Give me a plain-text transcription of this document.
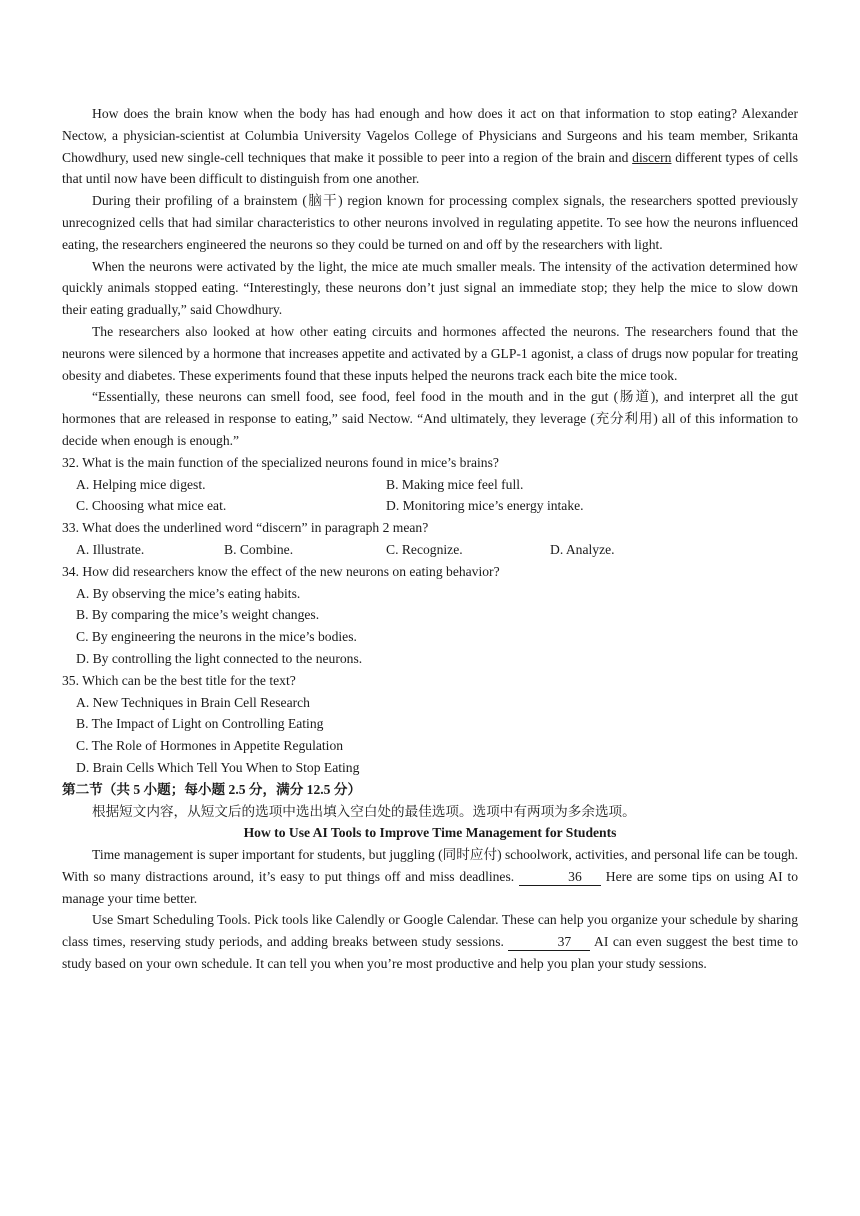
How does the brain know when the body has had enough and how does it act on that information to stop eating? Alexander Nectow, a physician-scientist at Columbia University Vagelos College of Physicians and Surgeons and his team member, Srikanta Chowdhury, used new single-cell techniques that make it possible to peer into a region of the brain and discern different types of cells that until now have been difficult to distinguish from one another.

During their profiling of a brainstem (脑干) region known for processing complex signals, the researchers spotted previously unrecognized cells that had similar characteristics to other neurons involved in regulating appetite. To see how the neurons influenced eating, the researchers engineered the neurons so they could be turned on and off by the researchers with light.

When the neurons were activated by the light, the mice ate much smaller meals. The intensity of the activation determined how quickly animals stopped eating. “Interestingly, these neurons don’t just signal an immediate stop; they help the mice to slow down their eating gradually,” said Chowdhury.

The researchers also looked at how other eating circuits and hormones affected the neurons. The researchers found that the neurons were silenced by a hormone that increases appetite and activated by a GLP-1 agonist, a class of drugs now popular for treating obesity and diabetes. These experiments found that these inputs helped the neurons track each bite the mice took.

“Essentially, these neurons can smell food, see food, feel food in the mouth and in the gut (肠道), and interpret all the gut hormones that are released in response to eating,” said Nectow. “And ultimately, they leverage (充分利用) all of this information to decide when enough is enough.”

32. What is the main function of the specialized neurons found in mice’s brains?

A. Helping mice digest.	B. Making mice feel full.
C. Choosing what mice eat.	D. Monitoring mice’s energy intake.

33. What does the underlined word “discern” in paragraph 2 mean?

A. Illustrate.	B. Combine.	C. Recognize.	D. Analyze.

34. How did researchers know the effect of the new neurons on eating behavior?

A. By observing the mice’s eating habits.
B. By comparing the mice’s weight changes.
C. By engineering the neurons in the mice’s bodies.
D. By controlling the light connected to the neurons.

35. Which can be the best title for the text?

A. New Techniques in Brain Cell Research
B. The Impact of Light on Controlling Eating
C. The Role of Hormones in Appetite Regulation
D. Brain Cells Which Tell You When to Stop Eating

第二节（共 5 小题；每小题 2.5 分，满分 12.5 分）

根据短文内容，从短文后的选项中选出填入空白处的最佳选项。选项中有两项为多余选项。

How to Use AI Tools to Improve Time Management for Students

Time management is super important for students, but juggling (同时应付) schoolwork, activities, and personal life can be tough. With so many distractions around, it’s easy to put things off and miss deadlines.	36 Here are some tips on using AI to manage your time better.

Use Smart Scheduling Tools. Pick tools like Calendly or Google Calendar. These can help you organize your schedule by sharing class times, reserving study periods, and adding breaks between study sessions.	37 AI can even suggest the best time to study based on your own schedule. It can tell you when you’re most productive and help you plan your study sessions.
